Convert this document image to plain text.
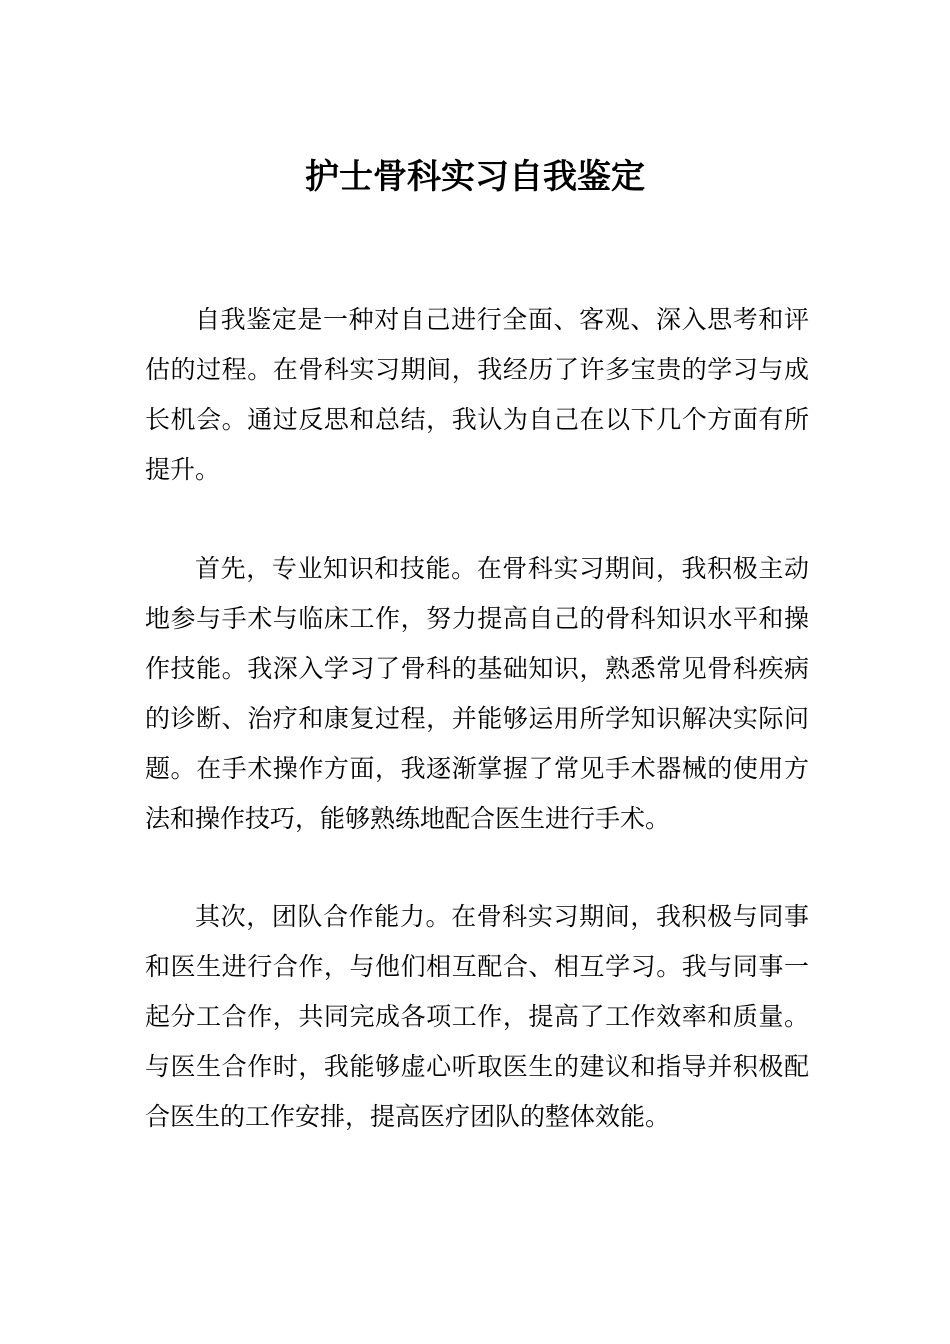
护士骨科实习自我鉴定

自我鉴定是一种对自己进行全面、客观、深入思考和评估的过程。在骨科实习期间，我经历了许多宝贵的学习与成长机会。通过反思和总结，我认为自己在以下几个方面有所提升。

首先，专业知识和技能。在骨科实习期间，我积极主动地参与手术与临床工作，努力提高自己的骨科知识水平和操作技能。我深入学习了骨科的基础知识，熟悉常见骨科疾病的诊断、治疗和康复过程，并能够运用所学知识解决实际问题。在手术操作方面，我逐渐掌握了常见手术器械的使用方法和操作技巧，能够熟练地配合医生进行手术。

其次，团队合作能力。在骨科实习期间，我积极与同事和医生进行合作，与他们相互配合、相互学习。我与同事一起分工合作，共同完成各项工作，提高了工作效率和质量。与医生合作时，我能够虚心听取医生的建议和指导并积极配合医生的工作安排，提高医疗团队的整体效能。
